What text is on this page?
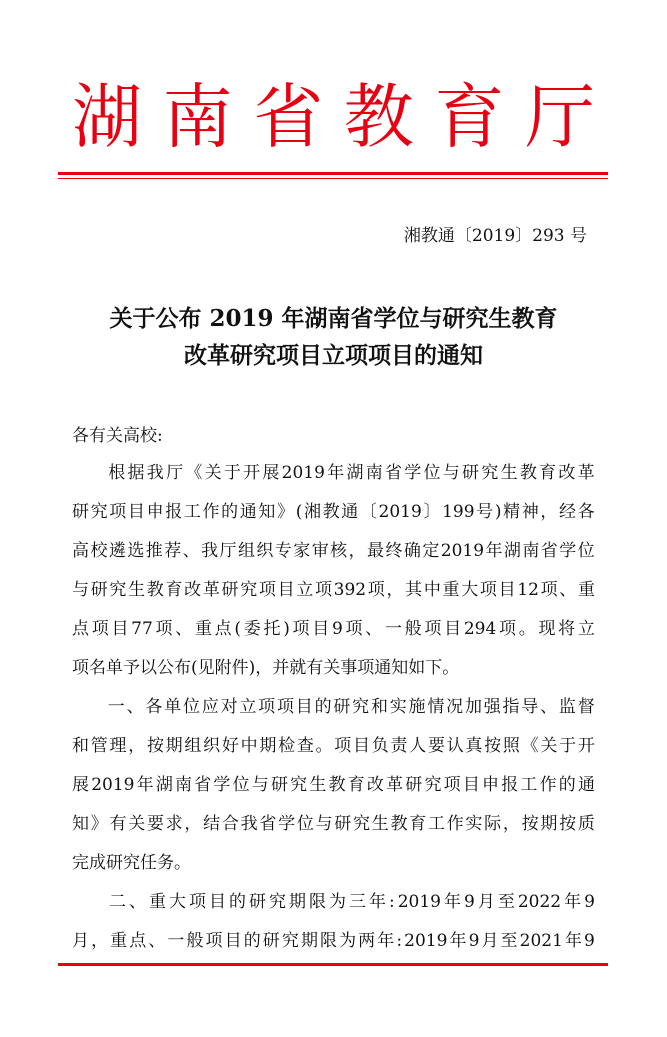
湖 南 省 教 育 厅
湘教通〔2019〕293 号
关于公布 2019 年湖南省学位与研究生教育
改革研究项目立项项目的通知
各有关高校:

根 据 我 厅 《 关 于 开 展 2019 年 湖 南 省 学 位 与 研 究 生 教 育 改 革
研 究 项 目 申 报 工 作 的 通 知 》 ( 湘 教 通 〔 2019 〕 199 号 ) 精 神 ， 经 各
高 校 遴 选 推 荐 、 我 厅 组 织 专 家 审 核 ， 最 终 确 定 2019 年 湖 南 省 学 位
与 研 究 生 教 育 改 革 研 究 项 目 立 项 392 项 ， 其 中 重 大 项 目 12 项 、 重
点 项 目 77 项 、 重 点 ( 委 托 ) 项 目 9 项 、 一 般 项 目 294 项 。 现 将 立
项名单予以公布(见附件)，并就有关事项通知如下。

一 、 各 单 位 应 对 立 项 项 目 的 研 究 和 实 施 情 况 加 强 指 导 、 监 督
和 管 理 ， 按 期 组 织 好 中 期 检 查 。 项 目 负 责 人 要 认 真 按 照 《 关 于 开
展 2019 年 湖 南 省 学 位 与 研 究 生 教 育 改 革 研 究 项 目 申 报 工 作 的 通
知 》 有 关 要 求 ， 结 合 我 省 学 位 与 研 究 生 教 育 工 作 实 际 ， 按 期 按 质
完成研究任务。

二 、 重 大 项 目 的 研 究 期 限 为 三 年 : 2019 年 9 月 至 2022 年 9
月 ， 重 点 、 一 般 项 目 的 研 究 期 限 为 两 年 : 2019 年 9 月 至 2021 年 9
